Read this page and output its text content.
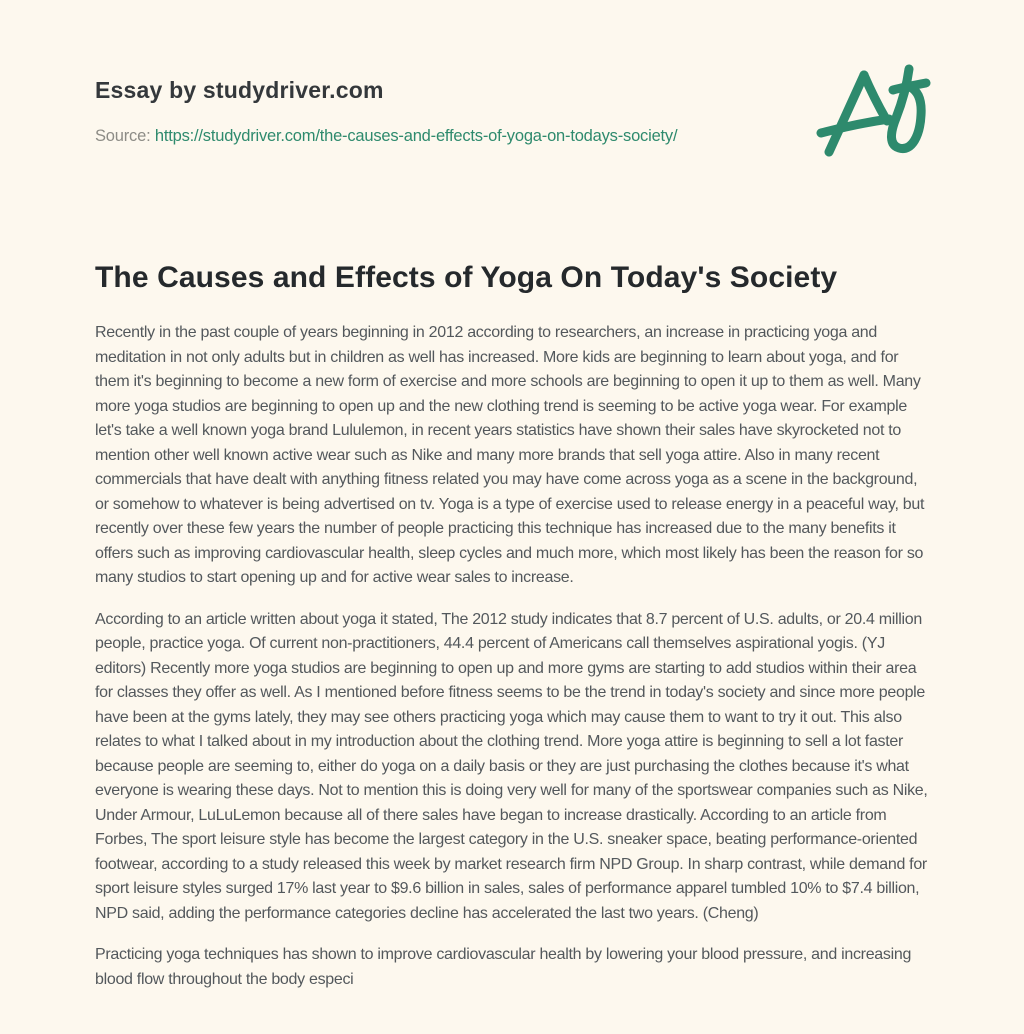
Essay by studydriver.com
Source: https://studydriver.com/the-causes-and-effects-of-yoga-on-todays-society/
The Causes and Effects of Yoga On Today's Society

Recently in the past couple of years beginning in 2012 according to researchers, an increase in practicing yoga and meditation in not only adults but in children as well has increased. More kids are beginning to learn about yoga, and for them it's beginning to become a new form of exercise and more schools are beginning to open it up to them as well. Many more yoga studios are beginning to open up and the new clothing trend is seeming to be active yoga wear. For example let's take a well known yoga brand Lululemon, in recent years statistics have shown their sales have skyrocketed not to mention other well known active wear such as Nike and many more brands that sell yoga attire. Also in many recent commercials that have dealt with anything fitness related you may have come across yoga as a scene in the background, or somehow to whatever is being advertised on tv. Yoga is a type of exercise used to release energy in a peaceful way, but recently over these few years the number of people practicing this technique has increased due to the many benefits it offers such as improving cardiovascular health, sleep cycles and much more, which most likely has been the reason for so many studios to start opening up and for active wear sales to increase.

According to an article written about yoga it stated, The 2012 study indicates that 8.7 percent of U.S. adults, or 20.4 million people, practice yoga. Of current non-practitioners, 44.4 percent of Americans call themselves aspirational yogis. (YJ editors) Recently more yoga studios are beginning to open up and more gyms are starting to add studios within their area for classes they offer as well. As I mentioned before fitness seems to be the trend in today's society and since more people have been at the gyms lately, they may see others practicing yoga which may cause them to want to try it out. This also relates to what I talked about in my introduction about the clothing trend. More yoga attire is beginning to sell a lot faster because people are seeming to, either do yoga on a daily basis or they are just purchasing the clothes because it's what everyone is wearing these days. Not to mention this is doing very well for many of the sportswear companies such as Nike, Under Armour, LuLuLemon because all of there sales have began to increase drastically. According to an article from Forbes, The sport leisure style has become the largest category in the U.S. sneaker space, beating performance-oriented footwear, according to a study released this week by market research firm NPD Group. In sharp contrast, while demand for sport leisure styles surged 17% last year to $9.6 billion in sales, sales of performance apparel tumbled 10% to $7.4 billion, NPD said, adding the performance categories decline has accelerated the last two years. (Cheng)

Practicing yoga techniques has shown to improve cardiovascular health by lowering your blood pressure, and increasing blood flow throughout the body especi
